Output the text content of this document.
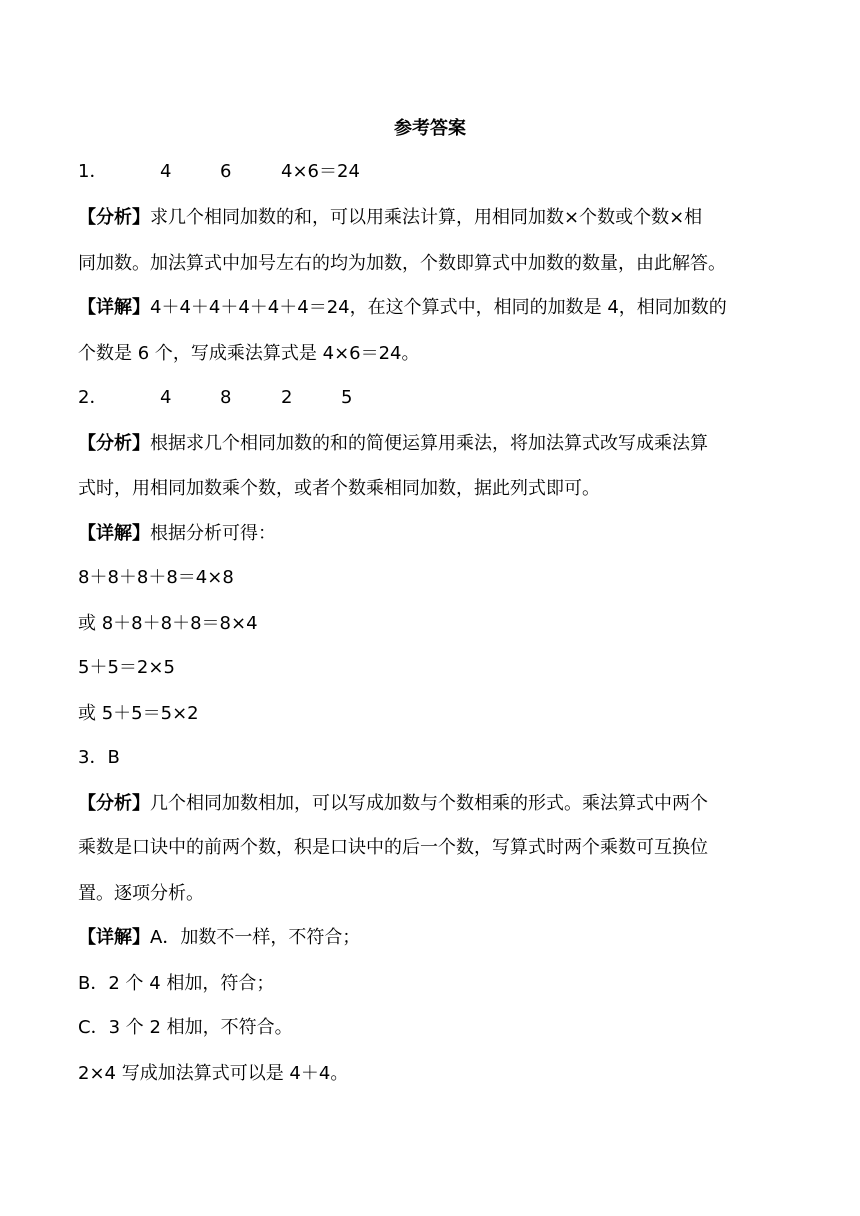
参考答案
1．	4	6	4×6＝24
【分析】求几个相同加数的和，可以用乘法计算，用相同加数×个数或个数×相
同加数。加法算式中加号左右的均为加数，个数即算式中加数的数量，由此解答。
【详解】4＋4＋4＋4＋4＋4＝24，在这个算式中，相同的加数是 4，相同加数的
个数是 6 个，写成乘法算式是 4×6＝24。
2．	4	8	2	5
【分析】根据求几个相同加数的和的简便运算用乘法，将加法算式改写成乘法算
式时，用相同加数乘个数，或者个数乘相同加数，据此列式即可。
【详解】根据分析可得：
8＋8＋8＋8＝4×8
或 8＋8＋8＋8＝8×4
5＋5＝2×5
或 5＋5＝5×2
3．B
【分析】几个相同加数相加，可以写成加数与个数相乘的形式。乘法算式中两个
乘数是口诀中的前两个数，积是口诀中的后一个数，写算式时两个乘数可互换位
置。逐项分析。
【详解】A．加数不一样，不符合；
B．2 个 4 相加，符合；
C．3 个 2 相加，不符合。
2×4 写成加法算式可以是 4＋4。
